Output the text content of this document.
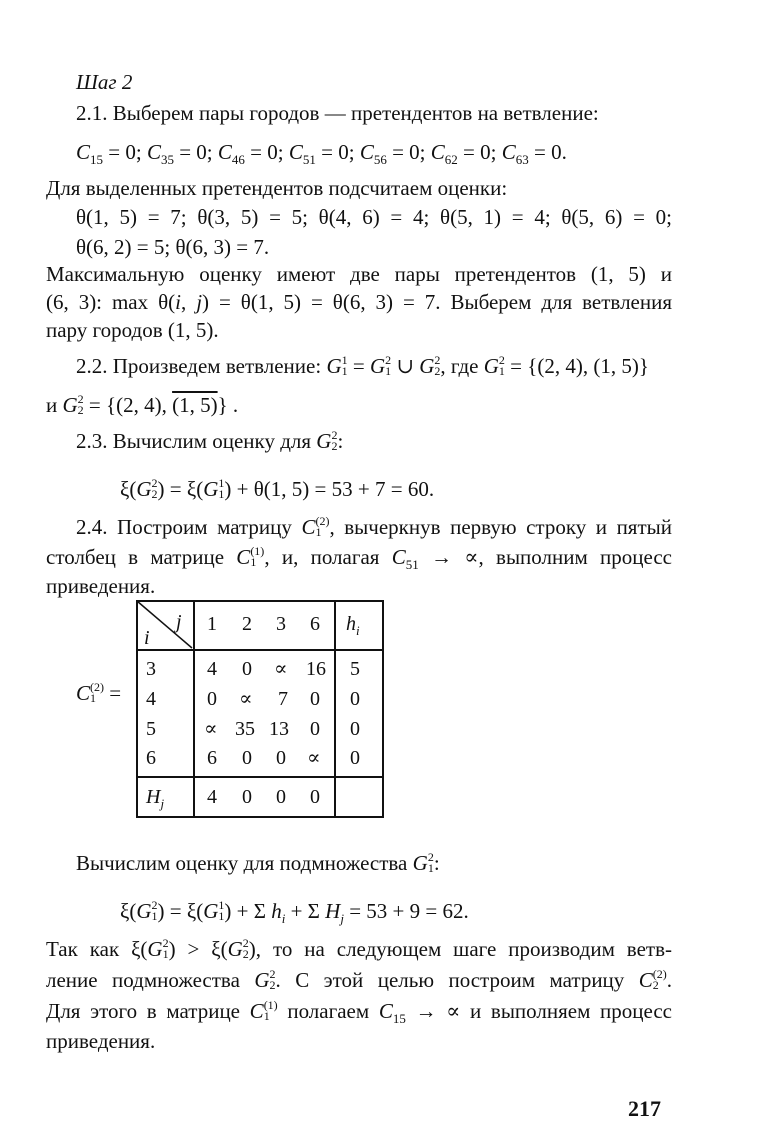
Шаг 2
2.1. Выберем пары городов — претендентов на ветвление:
$C_{15} = 0$; $C_{35} = 0$; $C_{46} = 0$; $C_{51} = 0$; $C_{56} = 0$; $C_{62} = 0$; $C_{63} = 0$.
Для выделенных претендентов подсчитаем оценки:
θ(1, 5) = 7; θ(3, 5) = 5; θ(4, 6) = 4; θ(5, 1) = 4; θ(5, 6) = 0;
θ(6, 2) = 5; θ(6, 3) = 7.
Максимальную оценку имеют две пары претендентов (1, 5) и
(6, 3): max θ(i, j) = θ(1, 5) = θ(6, 3) = 7. Выберем для ветвления
пару городов (1, 5).
2.2. Произведем ветвление: G 1
1 = G 2
1 ∪ G 2
2 , где G 2
1 = {(2, 4), (1, 5)}
и G 2
2 = {(2, 4), (1, 5)} .
2.3. Вычислим оценку для G 2
2 :
ξ(G 2
2 ) = ξ(G 1
1 ) + θ(1, 5) = 53 + 7 = 60.
2.4. Построим матрицу C (2)
1 , вычеркнув первую строку и пятый
столбец в матрице C (1)
1 , и, полагая $C_{51}$ → ∝, выполним процесс
приведения.
C (2)
1 =
j
i
1 2 3 6 $h_i$
3
4
5
6
4 0 ∝ 16 5
0 ∝ 7 0 0
∝ 35 13 0 0
6 0 0 ∝ 0
$H_j$ 4 0 0 0
Вычислим оценку для подмножества G 2
1 :
ξ(G 2
1 ) = ξ(G 1
1 ) + Σ $h_i + \Sigma$ $H_j = 53 + 9 = 62$.
Так как ξ(G 2
1 ) > ξ(G 2
2 ), то на следующем шаге производим ветв-
ление подмножества G 2
2 . С этой целью построим матрицу C (2)
2 .
Для этого в матрице C (1)
1 полагаем $C_{15}$ → ∝ и выполняем процесс
приведения.
217
